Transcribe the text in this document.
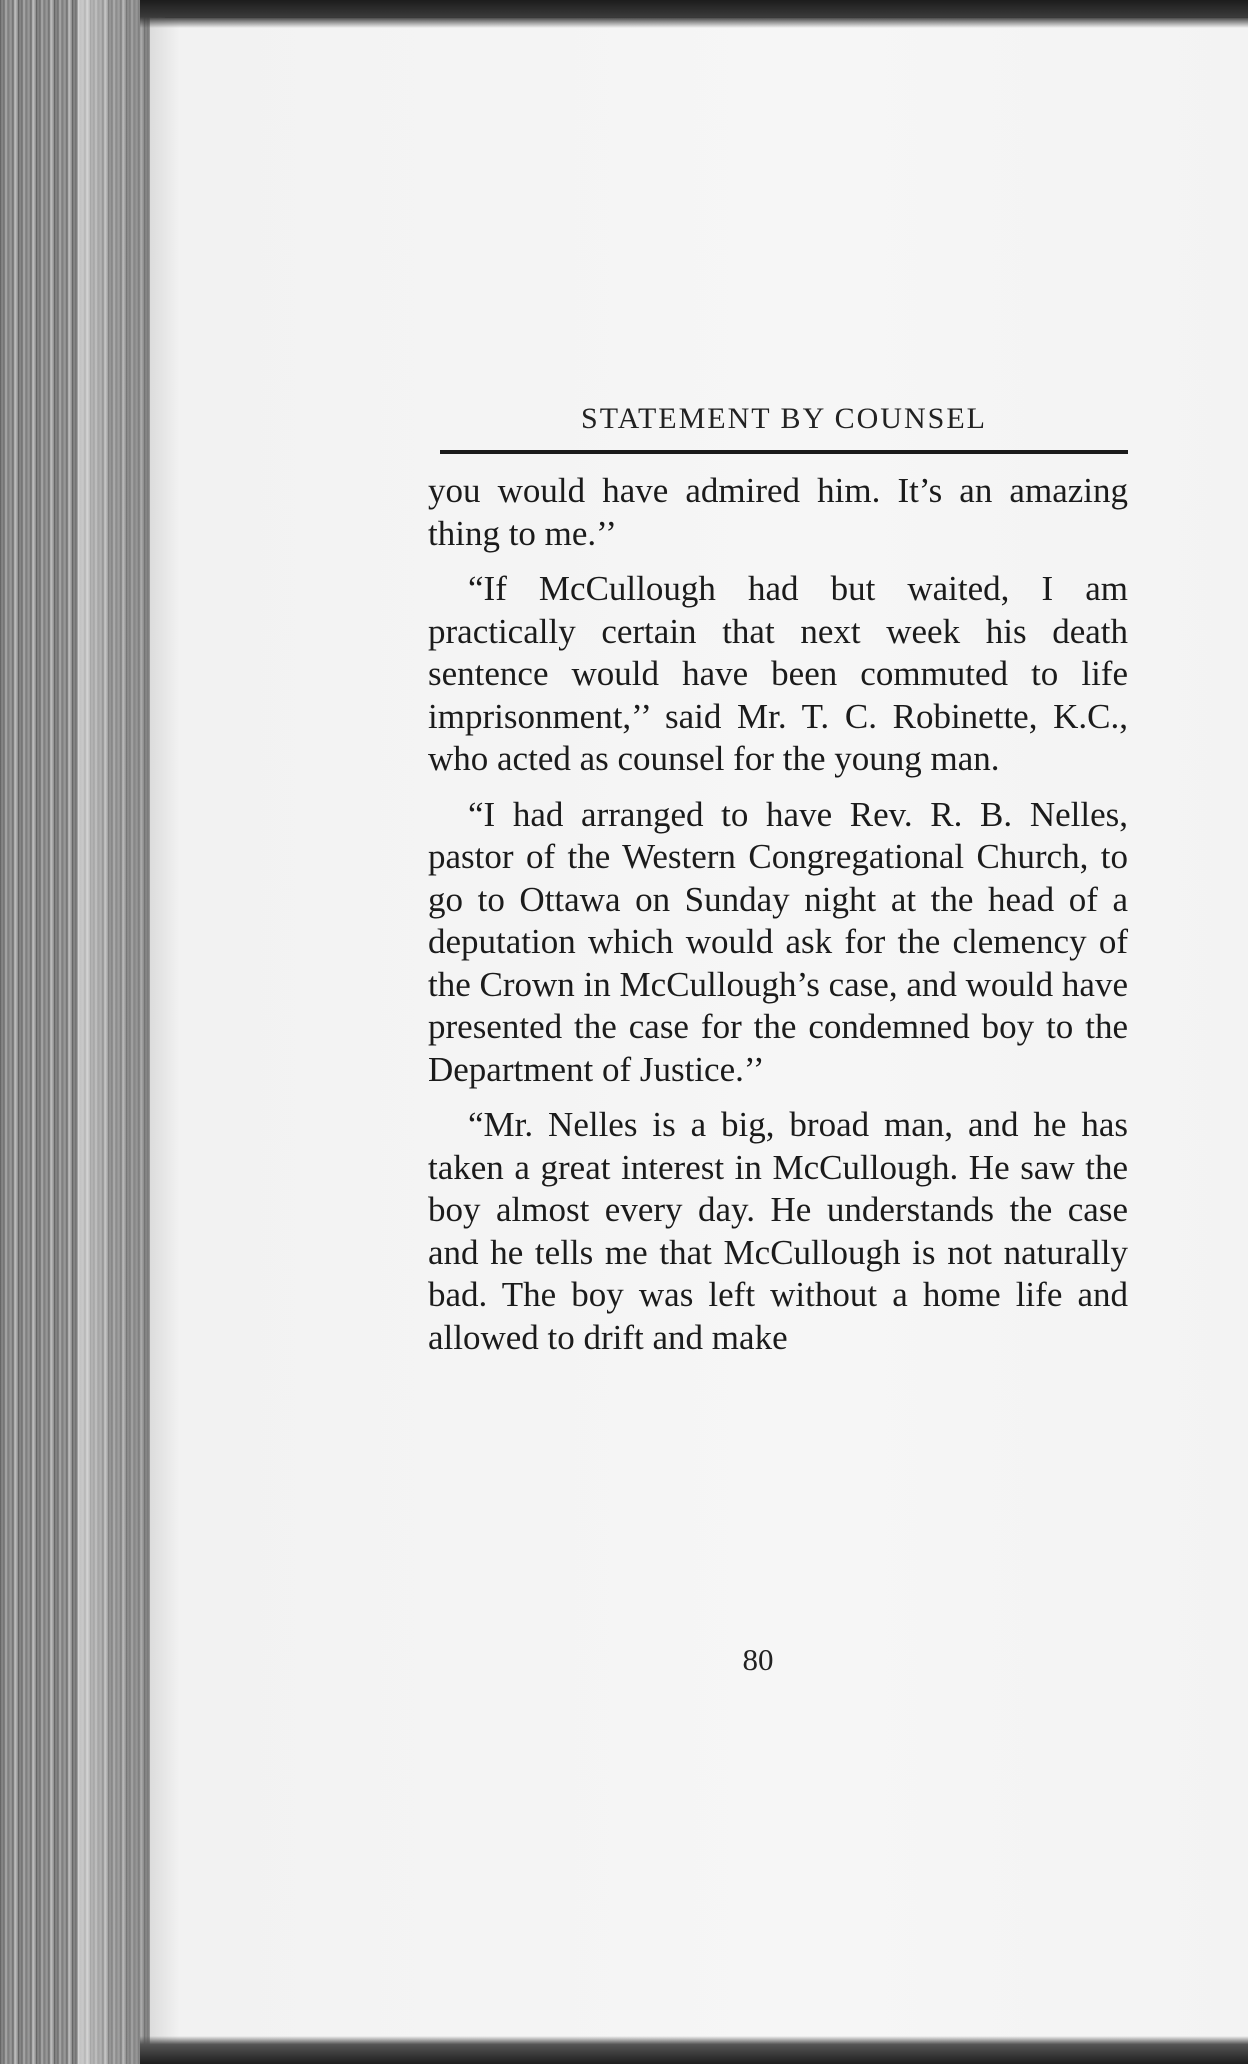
STATEMENT BY COUNSEL

you would have admired him. It’s an amazing thing to me.’’

“If McCullough had but waited, I am practically certain that next week his death sentence would have been commuted to life imprisonment,’’ said Mr. T. C. Robinette, K.C., who acted as counsel for the young man.

“I had arranged to have Rev. R. B. Nelles, pastor of the Western Congregational Church, to go to Ottawa on Sunday night at the head of a deputation which would ask for the clemency of the Crown in McCullough’s case, and would have presented the case for the condemned boy to the Department of Justice.’’

“Mr. Nelles is a big, broad man, and he has taken a great interest in McCullough. He saw the boy almost every day. He understands the case and he tells me that McCullough is not naturally bad. The boy was left without a home life and allowed to drift and make

80
